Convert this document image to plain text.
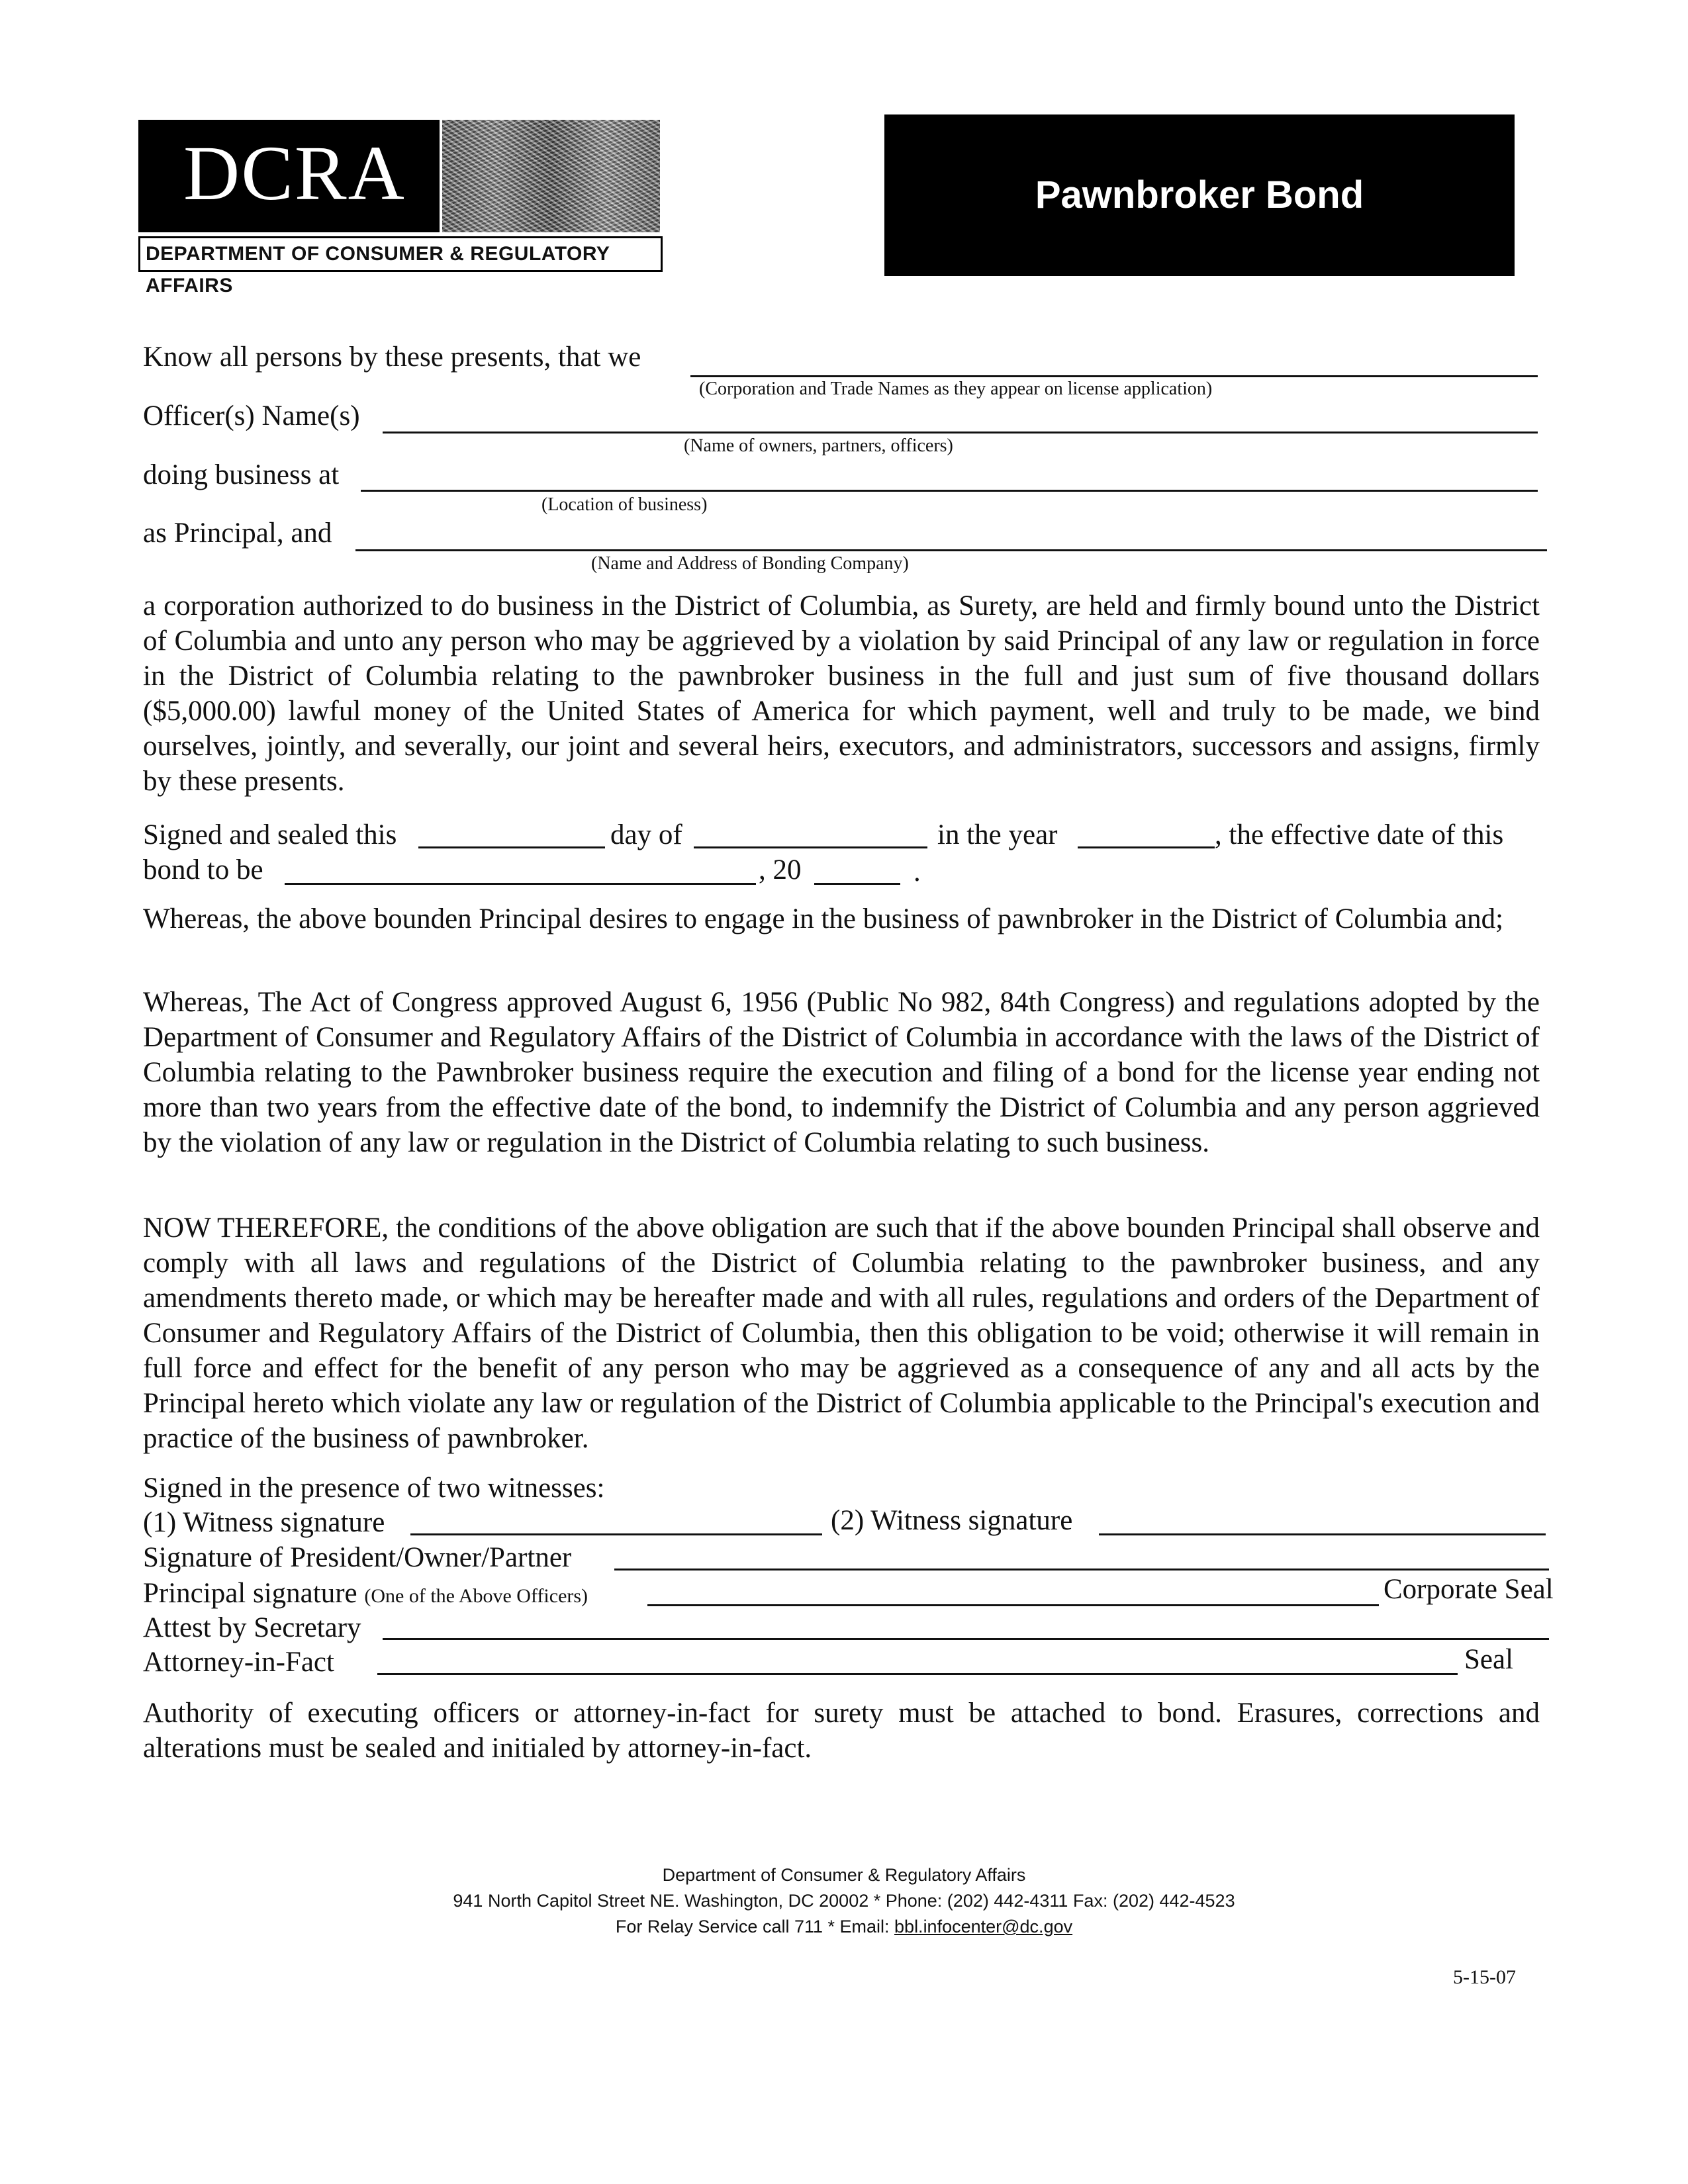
DCRA
DEPARTMENT OF CONSUMER & REGULATORY AFFAIRS
Pawnbroker Bond
Know all persons by these presents, that we
(Corporation and Trade Names as they appear on license application)
Officer(s) Name(s)
(Name of owners, partners, officers)
doing business at
(Location of business)
as Principal, and
(Name and Address of Bonding Company)

a corporation authorized to do business in the District of Columbia, as Surety, are held and firmly bound unto the District of Columbia and unto any person who may be aggrieved by a violation by said Principal of any law or regulation in force in the District of Columbia relating to the pawnbroker business in the full and just sum of five thousand dollars ($5,000.00) lawful money of the United States of America for which payment, well and truly to be made, we bind ourselves, jointly, and severally, our joint and several heirs, executors, and administrators, successors and assigns, firmly by these presents.

Signed and sealed this	day of	in the year	, the effective date of this
bond to be	, 20	.

Whereas, the above bounden Principal desires to engage in the business of pawnbroker in the District of Columbia and;

Whereas, The Act of Congress approved August 6, 1956 (Public No 982, 84th Congress) and regulations adopted by the Department of Consumer and Regulatory Affairs of the District of Columbia in accordance with the laws of the District of Columbia relating to the Pawnbroker business require the execution and filing of a bond for the license year ending not more than two years from the effective date of the bond, to indemnify the District of Columbia and any person aggrieved by the violation of any law or regulation in the District of Columbia relating to such business.

NOW THEREFORE, the conditions of the above obligation are such that if the above bounden Principal shall observe and comply with all laws and regulations of the District of Columbia relating to the pawnbroker business, and any amendments thereto made, or which may be hereafter made and with all rules, regulations and orders of the Department of Consumer and Regulatory Affairs of the District of Columbia, then this obligation to be void; otherwise it will remain in full force and effect for the benefit of any person who may be aggrieved as a consequence of any and all acts by the Principal hereto which violate any law or regulation of the District of Columbia applicable to the Principal's execution and practice of the business of pawnbroker.

Signed in the presence of two witnesses:
(1) Witness signature	(2) Witness signature
Signature of President/Owner/Partner
Principal signature (One of the Above Officers)	Corporate Seal
Attest by Secretary
Attorney-in-Fact	Seal

Authority of executing officers or attorney-in-fact for surety must be attached to bond. Erasures, corrections and alterations must be sealed and initialed by attorney-in-fact.

Department of Consumer & Regulatory Affairs
941 North Capitol Street NE. Washington, DC 20002 * Phone: (202) 442-4311 Fax: (202) 442-4523
For Relay Service call 711 * Email: bbl.infocenter@dc.gov
5-15-07
